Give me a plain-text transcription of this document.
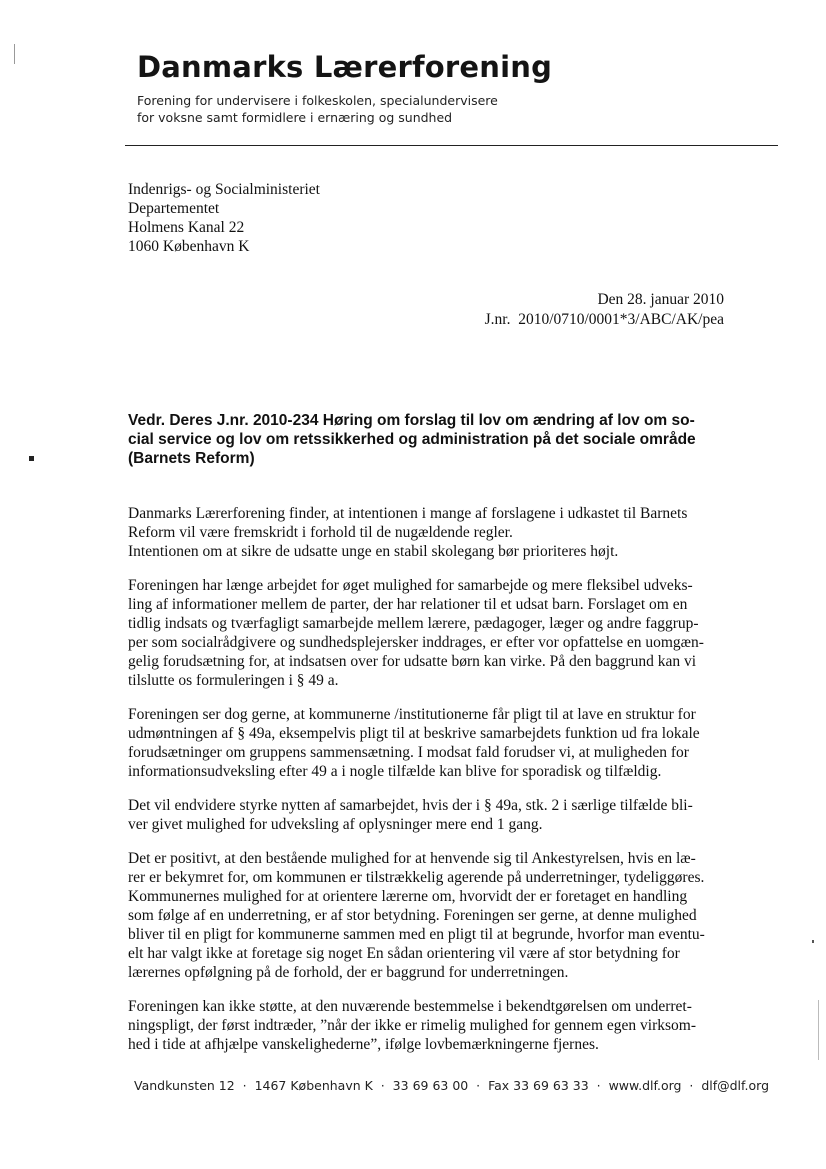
Danmarks Lærerforening
Forening for undervisere i folkeskolen, specialundervisere
for voksne samt formidlere i ernæring og sundhed
Indenrigs- og Socialministeriet
Departementet
Holmens Kanal 22
1060 København K
Den 28. januar 2010
J.nr.  2010/0710/0001*3/ABC/AK/pea
Vedr. Deres J.nr. 2010-234 Høring om forslag til lov om ændring af lov om so-
cial service og lov om retssikkerhed og administration på det sociale område
(Barnets Reform)

Danmarks Lærerforening finder, at intentionen i mange af forslagene i udkastet til Barnets
Reform vil være fremskridt i forhold til de nugældende regler.
Intentionen om at sikre de udsatte unge en stabil skolegang bør prioriteres højt.

Foreningen har længe arbejdet for øget mulighed for samarbejde og mere fleksibel udveks-
ling af informationer mellem de parter, der har relationer til et udsat barn. Forslaget om en
tidlig indsats og tværfagligt samarbejde mellem lærere, pædagoger, læger og andre faggrup-
per som socialrådgivere og sundhedsplejersker inddrages, er efter vor opfattelse en uomgæn-
gelig forudsætning for, at indsatsen over for udsatte børn kan virke. På den baggrund kan vi
tilslutte os formuleringen i § 49 a.

Foreningen ser dog gerne, at kommunerne /institutionerne får pligt til at lave en struktur for
udmøntningen af § 49a, eksempelvis pligt til at beskrive samarbejdets funktion ud fra lokale
forudsætninger om gruppens sammensætning. I modsat fald forudser vi, at muligheden for
informationsudveksling efter 49 a i nogle tilfælde kan blive for sporadisk og tilfældig.

Det vil endvidere styrke nytten af samarbejdet, hvis der i § 49a, stk. 2 i særlige tilfælde bli-
ver givet mulighed for udveksling af oplysninger mere end 1 gang.

Det er positivt, at den bestående mulighed for at henvende sig til Ankestyrelsen, hvis en læ-
rer er bekymret for, om kommunen er tilstrækkelig agerende på underretninger, tydeliggøres.
Kommunernes mulighed for at orientere lærerne om, hvorvidt der er foretaget en handling
som følge af en underretning, er af stor betydning. Foreningen ser gerne, at denne mulighed
bliver til en pligt for kommunerne sammen med en pligt til at begrunde, hvorfor man eventu-
elt har valgt ikke at foretage sig noget En sådan orientering vil være af stor betydning for
lærernes opfølgning på de forhold, der er baggrund for underretningen.

Foreningen kan ikke støtte, at den nuværende bestemmelse i bekendtgørelsen om underret-
ningspligt, der først indtræder, ”når der ikke er rimelig mulighed for gennem egen virksom-
hed i tide at afhjælpe vanskelighederne”, ifølge lovbemærkningerne fjernes.

Vandkunsten 12  ·  1467 København K  ·  33 69 63 00  ·  Fax 33 69 63 33  ·  www.dlf.org  ·  dlf@dlf.org
